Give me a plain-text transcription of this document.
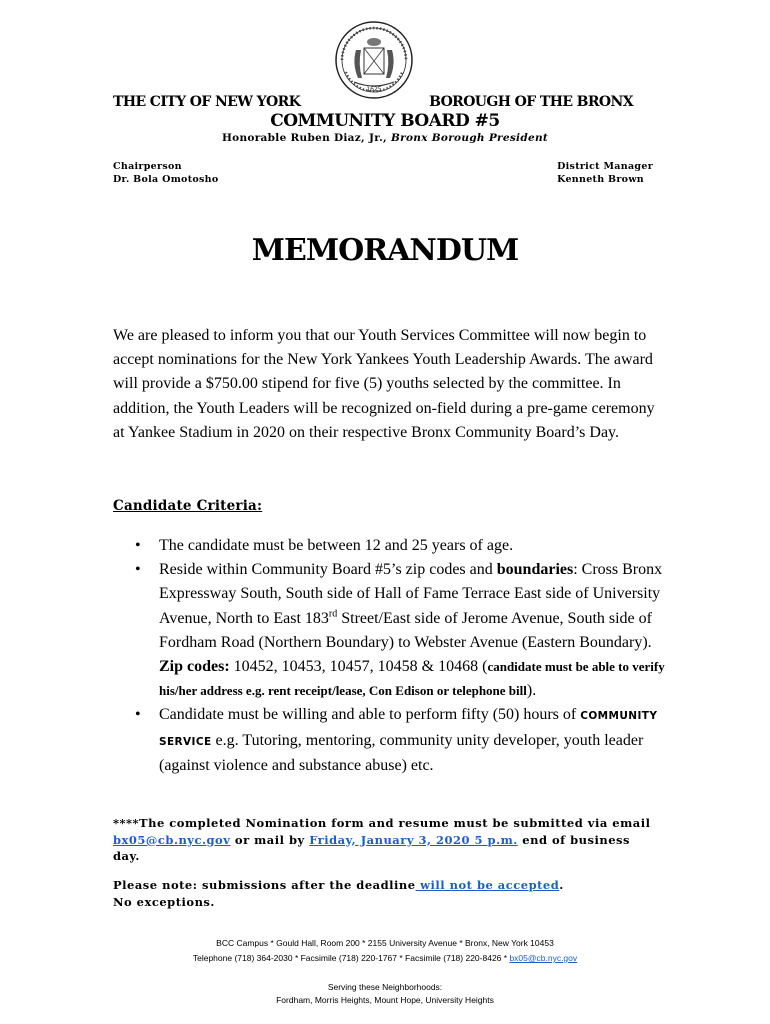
1625
THE CITY OF NEW YORK	BOROUGH OF THE BRONX
COMMUNITY BOARD #5
Honorable Ruben Diaz, Jr., Bronx Borough President
Chairperson
Dr. Bola Omotosho
District Manager
Kenneth Brown
MEMORANDUM
We are pleased to inform you that our Youth Services Committee will now begin to accept nominations for the New York Yankees Youth Leadership Awards. The award will provide a $750.00 stipend for five (5) youths selected by the committee. In addition, the Youth Leaders will be recognized on-field during a pre-game ceremony at Yankee Stadium in 2020 on their respective Bronx Community Board’s Day.
Candidate Criteria:
• The candidate must be between 12 and 25 years of age.
• Reside within Community Board #5’s zip codes and boundaries: Cross Bronx Expressway South, South side of Hall of Fame Terrace East side of University Avenue, North to East 183rd Street/East side of Jerome Avenue, South side of Fordham Road (Northern Boundary) to Webster Avenue (Eastern Boundary). Zip codes: 10452, 10453, 10457, 10458 & 10468 (candidate must be able to verify his/her address e.g. rent receipt/lease, Con Edison or telephone bill).
• Candidate must be willing and able to perform fifty (50) hours of COMMUNITY SERVICE e.g. Tutoring, mentoring, community unity developer, youth leader (against violence and substance abuse) etc.
****The completed Nomination form and resume must be submitted via email bx05@cb.nyc.gov or mail by Friday, January 3, 2020 5 p.m. end of business day.
Please note: submissions after the deadline will not be accepted.
No exceptions.
BCC Campus * Gould Hall, Room 200 * 2155 University Avenue * Bronx, New York 10453
Telephone (718) 364-2030 * Facsimile (718) 220-1767 * Facsimile (718) 220-8426 * bx05@cb.nyc.gov
Serving these Neighborhoods:
Fordham, Morris Heights, Mount Hope, University Heights
